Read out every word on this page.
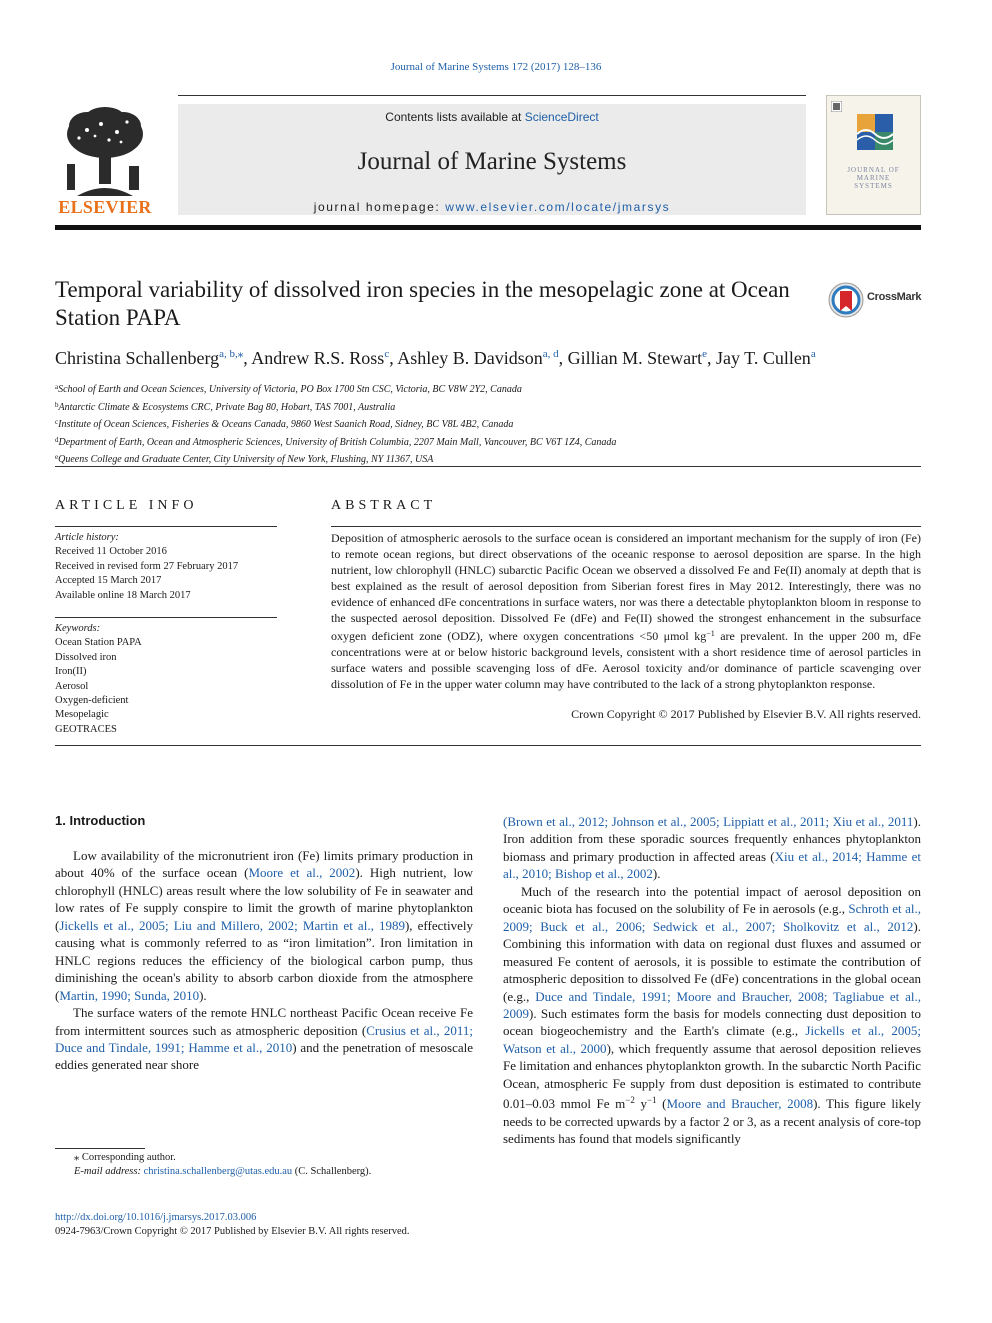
Journal of Marine Systems 172 (2017) 128–136
ELSEVIER
Contents lists available at ScienceDirect
Journal of Marine Systems
journal homepage: www.elsevier.com/locate/jmarsys
JOURNAL OF
MARINE
SYSTEMS
Temporal variability of dissolved iron species in the mesopelagic zone at Ocean Station PAPA
CrossMark
Christina Schallenberg$^{a, b,⁎}$, Andrew R.S. Ross$^c$, Ashley B. Davidson$^{a, d}$, Gillian M. Stewart$^e$, Jay T. Cullen$^a$
$^a$School of Earth and Ocean Sciences, University of Victoria, PO Box 1700 Stn CSC, Victoria, BC V8W 2Y2, Canada
$^b$Antarctic Climate & Ecosystems CRC, Private Bag 80, Hobart, TAS 7001, Australia
$^c$Institute of Ocean Sciences, Fisheries & Oceans Canada, 9860 West Saanich Road, Sidney, BC V8L 4B2, Canada
$^d$Department of Earth, Ocean and Atmospheric Sciences, University of British Columbia, 2207 Main Mall, Vancouver, BC V6T 1Z4, Canada
$^e$Queens College and Graduate Center, City University of New York, Flushing, NY 11367, USA
ARTICLE INFO
Article history:
Received 11 October 2016
Received in revised form 27 February 2017
Accepted 15 March 2017
Available online 18 March 2017
Keywords:
Ocean Station PAPA
Dissolved iron
Iron(II)
Aerosol
Oxygen-deficient
Mesopelagic
GEOTRACES
ABSTRACT
Deposition of atmospheric aerosols to the surface ocean is considered an important mechanism for the supply of iron (Fe) to remote ocean regions, but direct observations of the oceanic response to aerosol deposition are sparse. In the high nutrient, low chlorophyll (HNLC) subarctic Pacific Ocean we observed a dissolved Fe and Fe(II) anomaly at depth that is best explained as the result of aerosol deposition from Siberian forest fires in May 2012. Interestingly, there was no evidence of enhanced dFe concentrations in surface waters, nor was there a detectable phytoplankton bloom in response to the suspected aerosol deposition. Dissolved Fe (dFe) and Fe(II) showed the strongest enhancement in the subsurface oxygen deficient zone (ODZ), where oxygen concentrations <50 μmol $kg^{-1}$ are prevalent. In the upper 200 m, dFe concentrations were at or below historic background levels, consistent with a short residence time of aerosol particles in surface waters and possible scavenging loss of dFe. Aerosol toxicity and/or dominance of particle scavenging over dissolution of Fe in the upper water column may have contributed to the lack of a strong phytoplankton response.
Crown Copyright © 2017 Published by Elsevier B.V. All rights reserved.
1. Introduction

Low availability of the micronutrient iron (Fe) limits primary production in about 40% of the surface ocean (Moore et al., 2002). High nutrient, low chlorophyll (HNLC) areas result where the low solubility of Fe in seawater and low rates of Fe supply conspire to limit the growth of marine phytoplankton (Jickells et al., 2005; Liu and Millero, 2002; Martin et al., 1989), effectively causing what is commonly referred to as “iron limitation”. Iron limitation in HNLC regions reduces the efficiency of the biological carbon pump, thus diminishing the ocean's ability to absorb carbon dioxide from the atmosphere (Martin, 1990; Sunda, 2010).

The surface waters of the remote HNLC northeast Pacific Ocean receive Fe from intermittent sources such as atmospheric deposition (Crusius et al., 2011; Duce and Tindale, 1991; Hamme et al., 2010) and the penetration of mesoscale eddies generated near shore

(Brown et al., 2012; Johnson et al., 2005; Lippiatt et al., 2011; Xiu et al., 2011). Iron addition from these sporadic sources frequently enhances phytoplankton biomass and primary production in affected areas (Xiu et al., 2014; Hamme et al., 2010; Bishop et al., 2002).

Much of the research into the potential impact of aerosol deposition on oceanic biota has focused on the solubility of Fe in aerosols (e.g., Schroth et al., 2009; Buck et al., 2006; Sedwick et al., 2007; Sholkovitz et al., 2012). Combining this information with data on regional dust fluxes and assumed or measured Fe content of aerosols, it is possible to estimate the contribution of atmospheric deposition to dissolved Fe (dFe) concentrations in the global ocean (e.g., Duce and Tindale, 1991; Moore and Braucher, 2008; Tagliabue et al., 2009). Such estimates form the basis for models connecting dust deposition to ocean biogeochemistry and the Earth's climate (e.g., Jickells et al., 2005; Watson et al., 2000), which frequently assume that aerosol deposition relieves Fe limitation and enhances phytoplankton growth. In the subarctic North Pacific Ocean, atmospheric Fe supply from dust deposition is estimated to contribute 0.01–0.03 mmol Fe $m^{-2}$ $y^{-1}$ (Moore and Braucher, 2008). This figure likely needs to be corrected upwards by a factor 2 or 3, as a recent analysis of core-top sediments has found that models significantly

⁎ Corresponding author.
E-mail address: christina.schallenberg@utas.edu.au (C. Schallenberg).
http://dx.doi.org/10.1016/j.jmarsys.2017.03.006
0924-7963/Crown Copyright © 2017 Published by Elsevier B.V. All rights reserved.
